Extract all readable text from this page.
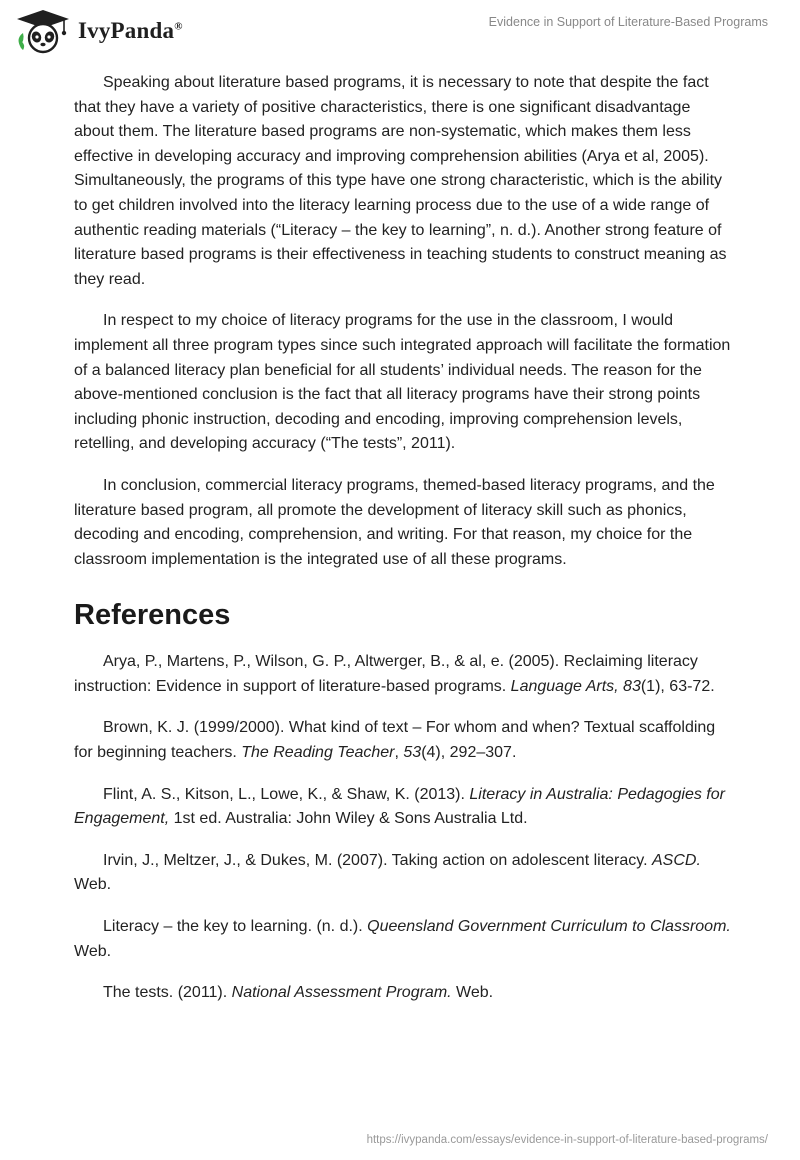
IvyPanda®	Evidence in Support of Literature-Based Programs

Speaking about literature based programs, it is necessary to note that despite the fact that they have a variety of positive characteristics, there is one significant disadvantage about them. The literature based programs are non-systematic, which makes them less effective in developing accuracy and improving comprehension abilities (Arya et al, 2005). Simultaneously, the programs of this type have one strong characteristic, which is the ability to get children involved into the literacy learning process due to the use of a wide range of authentic reading materials (“Literacy – the key to learning”, n. d.). Another strong feature of literature based programs is their effectiveness in teaching students to construct meaning as they read.

In respect to my choice of literacy programs for the use in the classroom, I would implement all three program types since such integrated approach will facilitate the formation of a balanced literacy plan beneficial for all students’ individual needs. The reason for the above-mentioned conclusion is the fact that all literacy programs have their strong points including phonic instruction, decoding and encoding, improving comprehension levels, retelling, and developing accuracy (“The tests”, 2011).

In conclusion, commercial literacy programs, themed-based literacy programs, and the literature based program, all promote the development of literacy skill such as phonics, decoding and encoding, comprehension, and writing. For that reason, my choice for the classroom implementation is the integrated use of all these programs.

References

Arya, P., Martens, P., Wilson, G. P., Altwerger, B., & al, e. (2005). Reclaiming literacy instruction: Evidence in support of literature-based programs. Language Arts, 83(1), 63-72.

Brown, K. J. (1999/2000). What kind of text – For whom and when? Textual scaffolding for beginning teachers. The Reading Teacher, 53(4), 292–307.

Flint, A. S., Kitson, L., Lowe, K., & Shaw, K. (2013). Literacy in Australia: Pedagogies for Engagement, 1st ed. Australia: John Wiley & Sons Australia Ltd.

Irvin, J., Meltzer, J., & Dukes, M. (2007). Taking action on adolescent literacy. ASCD. Web.

Literacy – the key to learning. (n. d.). Queensland Government Curriculum to Classroom. Web.

The tests. (2011). National Assessment Program. Web.

https://ivypanda.com/essays/evidence-in-support-of-literature-based-programs/
